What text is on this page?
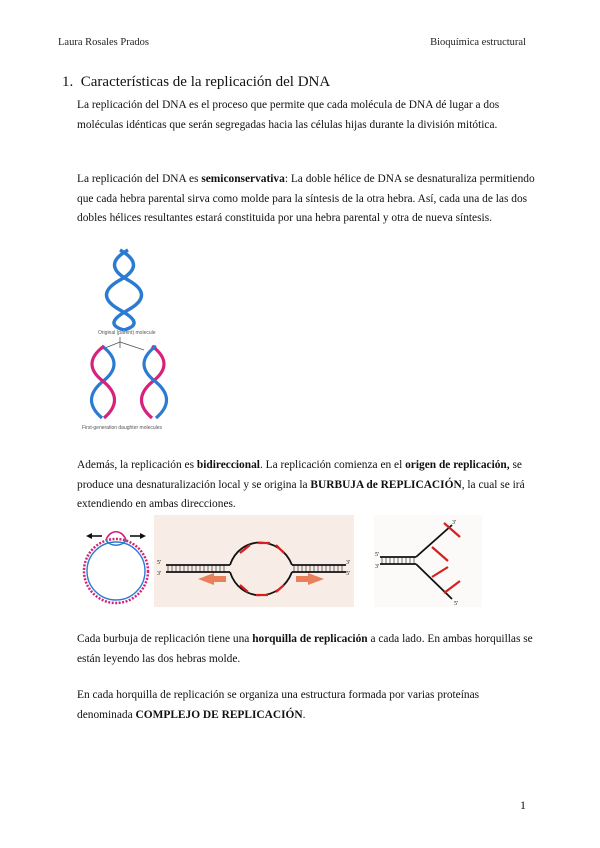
Laura Rosales Prados	Bioquímica estructural
1. Características de la replicación del DNA
La replicación del DNA es el proceso que permite que cada molécula de DNA dé lugar a dos moléculas idénticas que serán segregadas hacia las células hijas durante la división mitótica.
La replicación del DNA es semiconservativa: La doble hélice de DNA se desnaturaliza permitiendo que cada hebra parental sirva como molde para la síntesis de la otra hebra. Así, cada una de las dos dobles hélices resultantes estará constituida por una hebra parental y otra de nueva síntesis.
Original (parent) molecule
First-generation daughter molecules
Además, la replicación es bidireccional. La replicación comienza en el origen de replicación, se produce una desnaturalización local y se origina la BURBUJA de REPLICACIÓN, la cual se irá extendiendo en ambas direcciones.
5'
3'
3'
5'
5'
3'
3'
5'
Cada burbuja de replicación tiene una horquilla de replicación a cada lado. En ambas horquillas se están leyendo las dos hebras molde.
En cada horquilla de replicación se organiza una estructura formada por varias proteínas denominada COMPLEJO DE REPLICACIÓN.
1
